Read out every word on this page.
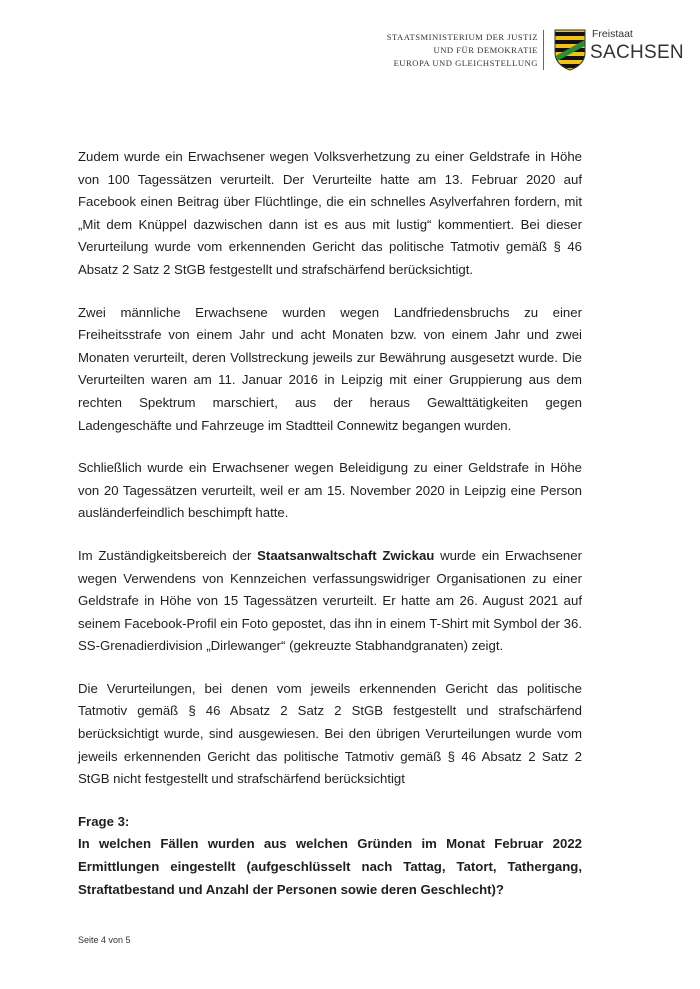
STAATSMINISTERIUM DER JUSTIZ
UND FÜR DEMOKRATIE
EUROPA UND GLEICHSTELLUNG
Freistaat
SACHSEN

Zudem wurde ein Erwachsener wegen Volksverhetzung zu einer Geldstrafe in Höhe von 100 Tagessätzen verurteilt. Der Verurteilte hatte am 13. Februar 2020 auf Facebook einen Beitrag über Flüchtlinge, die ein schnelles Asylverfahren fordern, mit „Mit dem Knüppel dazwischen dann ist es aus mit lustig“ kommentiert. Bei dieser Verurteilung wurde vom erkennenden Gericht das politische Tatmotiv gemäß § 46 Absatz 2 Satz 2 StGB festgestellt und strafschärfend berücksichtigt.

Zwei männliche Erwachsene wurden wegen Landfriedensbruchs zu einer Freiheitsstrafe von einem Jahr und acht Monaten bzw. von einem Jahr und zwei Monaten verurteilt, deren Vollstreckung jeweils zur Bewährung ausgesetzt wurde. Die Verurteilten waren am 11. Januar 2016 in Leipzig mit einer Gruppierung aus dem rechten Spektrum marschiert, aus der heraus Gewalttätigkeiten gegen Ladengeschäfte und Fahrzeuge im Stadtteil Connewitz begangen wurden.

Schließlich wurde ein Erwachsener wegen Beleidigung zu einer Geldstrafe in Höhe von 20 Tagessätzen verurteilt, weil er am 15. November 2020 in Leipzig eine Person ausländerfeindlich beschimpft hatte.

Im Zuständigkeitsbereich der Staatsanwaltschaft Zwickau wurde ein Erwachsener wegen Verwendens von Kennzeichen verfassungswidriger Organisationen zu einer Geldstrafe in Höhe von 15 Tagessätzen verurteilt. Er hatte am 26. August 2021 auf seinem Facebook-Profil ein Foto gepostet, das ihn in einem T-Shirt mit Symbol der 36. SS-Grenadierdivision „Dirlewanger“ (gekreuzte Stabhandgranaten) zeigt.

Die Verurteilungen, bei denen vom jeweils erkennenden Gericht das politische Tatmotiv gemäß § 46 Absatz 2 Satz 2 StGB festgestellt und strafschärfend berücksichtigt wurde, sind ausgewiesen. Bei den übrigen Verurteilungen wurde vom jeweils erkennenden Gericht das politische Tatmotiv gemäß § 46 Absatz 2 Satz 2 StGB nicht festgestellt und strafschärfend berücksichtigt

Frage 3:

In welchen Fällen wurden aus welchen Gründen im Monat Februar 2022 Ermittlungen eingestellt (aufgeschlüsselt nach Tattag, Tatort, Tathergang, Straftatbestand und Anzahl der Personen sowie deren Geschlecht)?

Seite 4 von 5
